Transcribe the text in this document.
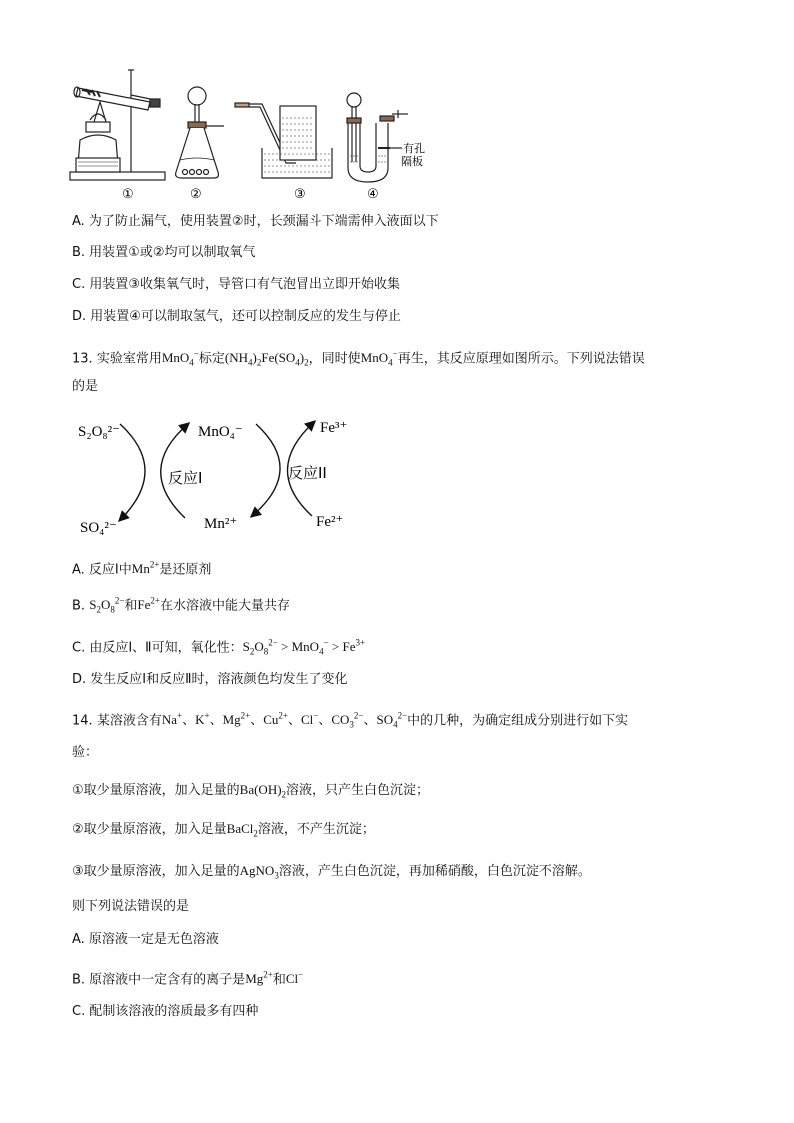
①	②	③	④
有孔
隔板
A. 为了防止漏气，使用装置②时，长颈漏斗下端需伸入液面以下
B. 用装置①或②均可以制取氧气
C. 用装置③收集氧气时，导管口有气泡冒出立即开始收集
D. 用装置④可以制取氢气，还可以控制反应的发生与停止
13. 实验室常用MnO$_4$−标定$(NH_4)_2Fe(SO_4)_2$，同时使MnO$_4$−再生，其反应原理如图所示。下列说法错误
的是
S₂O₈²⁻
SO₄²⁻
MnO₄⁻
Mn²⁺
Fe³⁺
Fe²⁺
反应I	反应II
A. 反应Ⅰ中$Mn^{2+}$是还原剂
B. $S_2O_8^{2-}$和$Fe^{2+}$在水溶液中能大量共存
C. 由反应Ⅰ、Ⅱ可知，氧化性：$S_2O_8^{2-} > MnO_4^- > Fe^{3+}$
D. 发生反应Ⅰ和反应Ⅱ时，溶液颜色均发生了变化
14. 某溶液含有Na+、K+、$Mg^{2+}$、$Cu^{2+}$、Cl−、$CO_3^{2-}$、$SO_4^{2-}$中的几种，为确定组成分别进行如下实
验：
①取少量原溶液，加入足量的$Ba(OH)_2$溶液，只产生白色沉淀；
②取少量原溶液，加入足量BaCl$_2$溶液，不产生沉淀；
③取少量原溶液，加入足量的AgNO$_3$溶液，产生白色沉淀，再加稀硝酸，白色沉淀不溶解。
则下列说法错误的是
A. 原溶液一定是无色溶液
B. 原溶液中一定含有的离子是$Mg^{2+}$和Cl−
C. 配制该溶液的溶质最多有四种
